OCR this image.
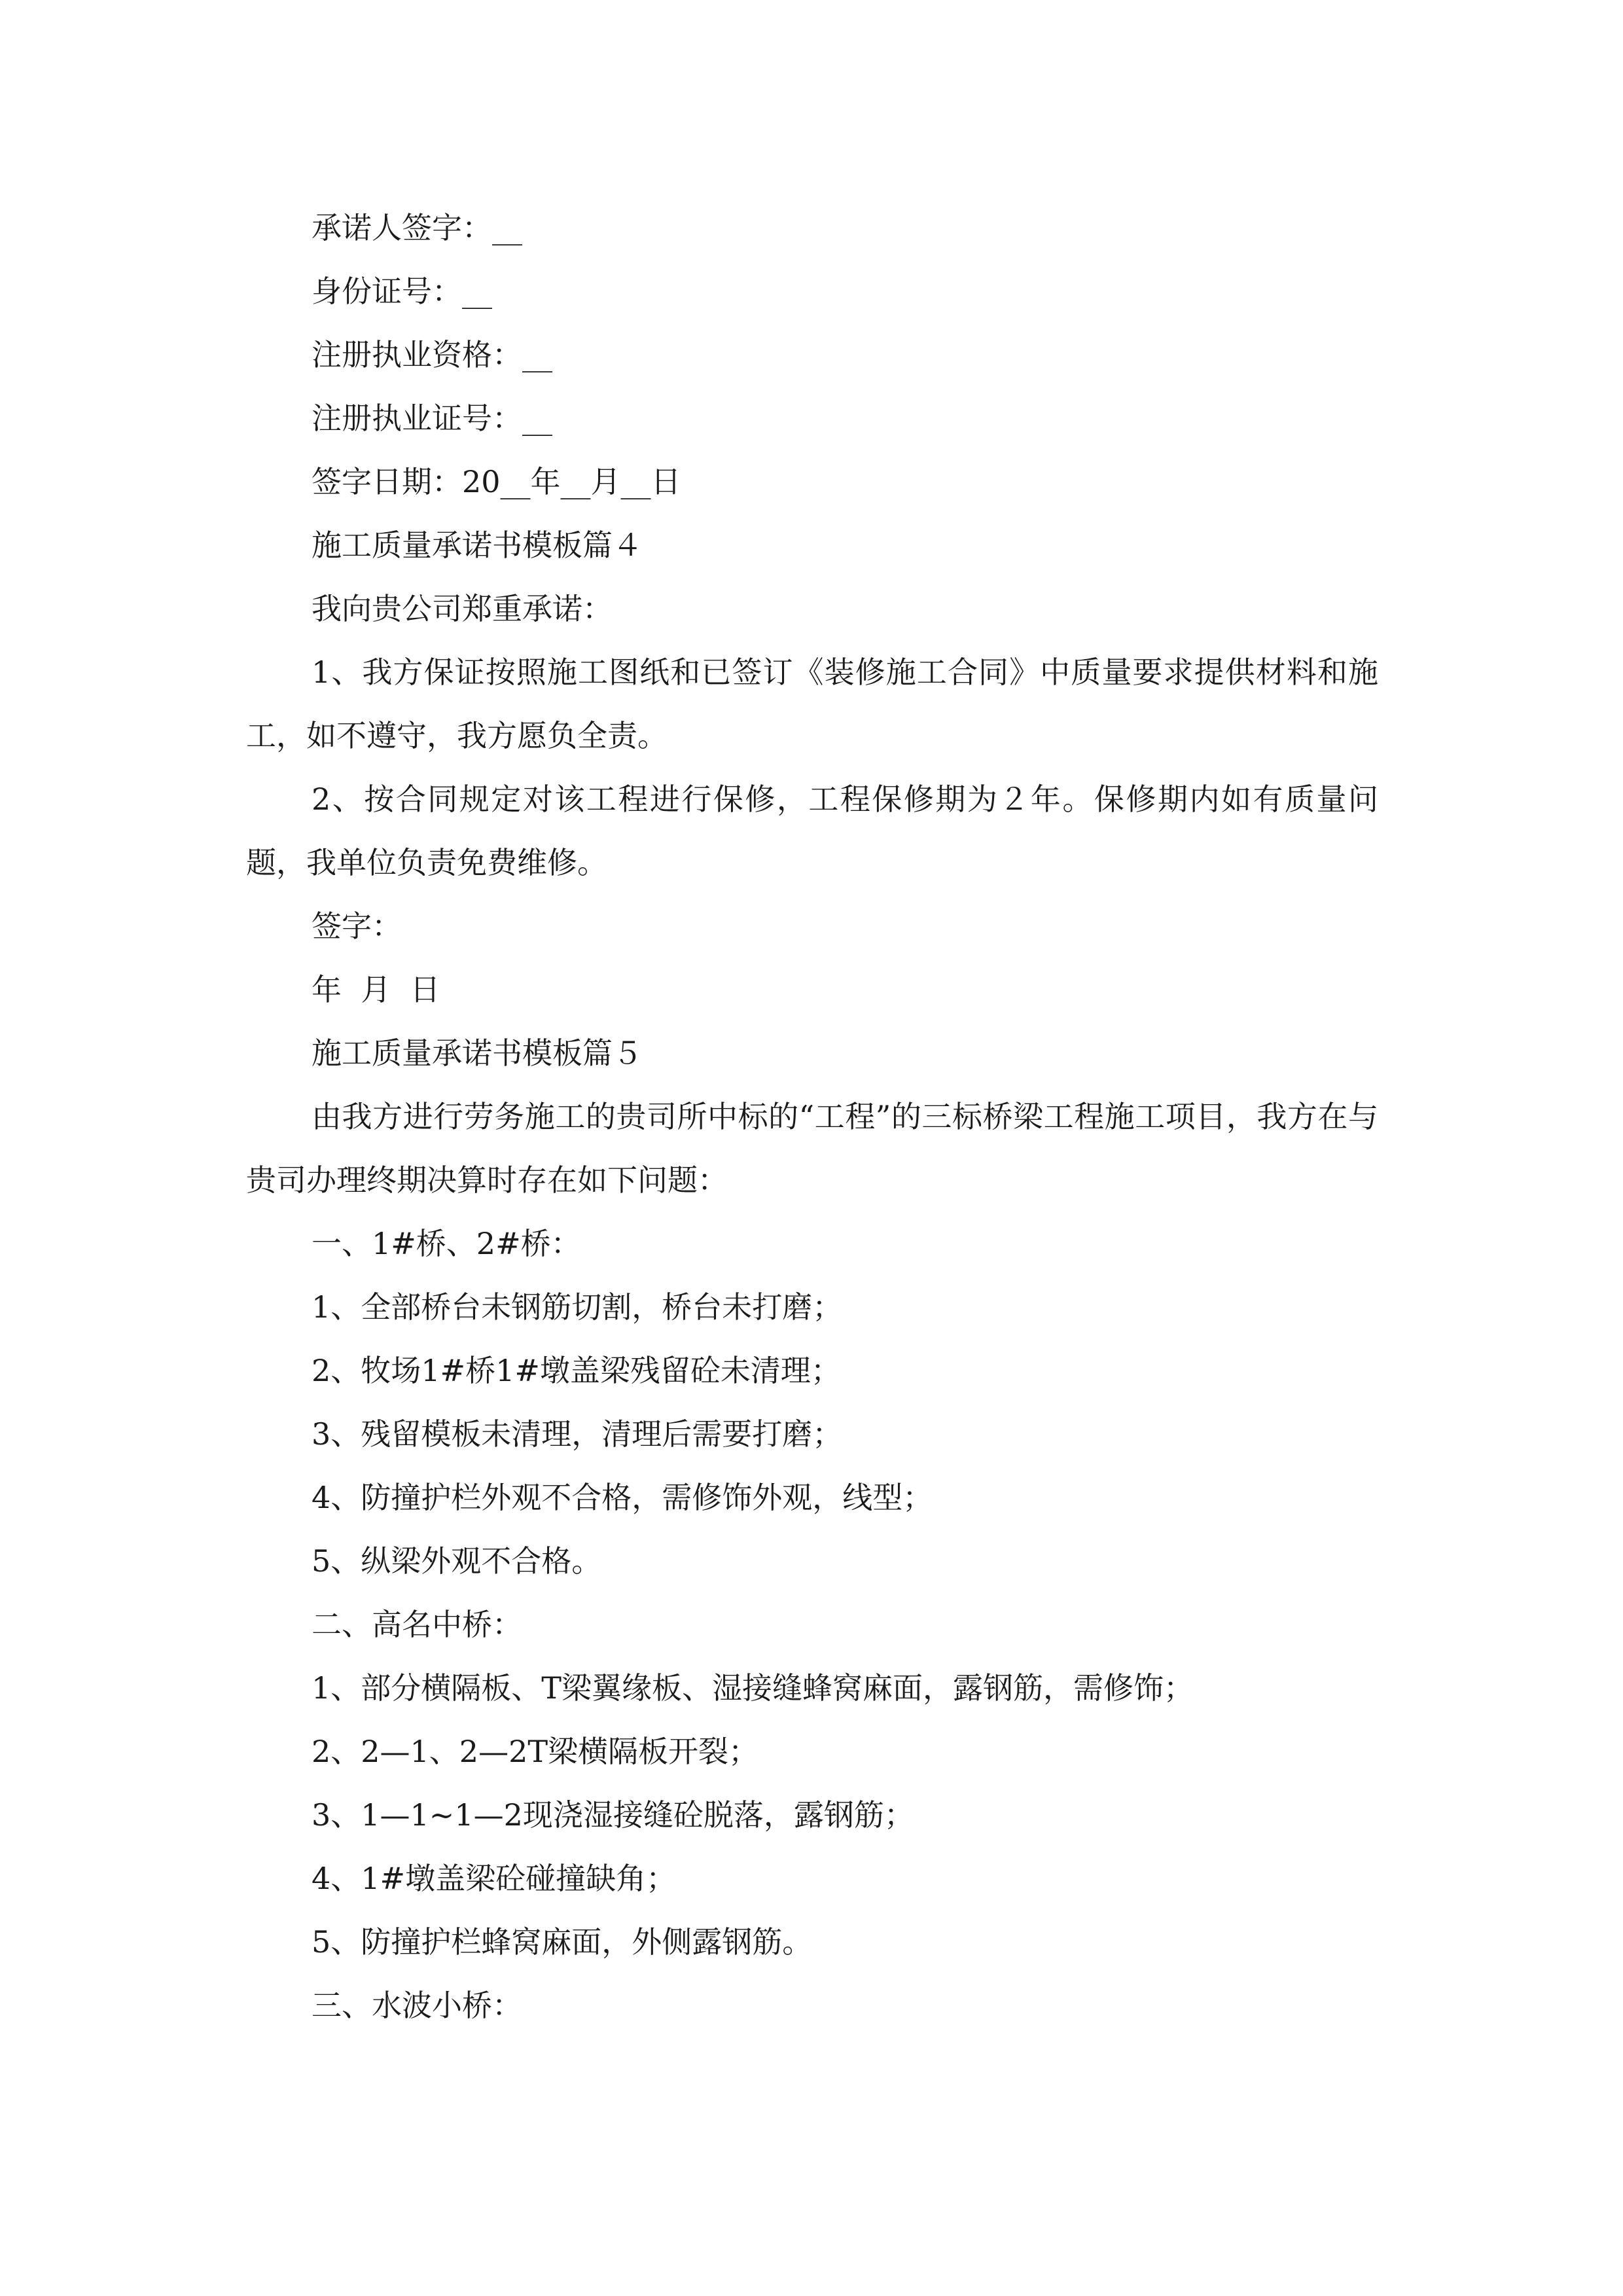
承诺人签字：__

身份证号：__

注册执业资格：__

注册执业证号：__

签字日期：20__年__月__日

施工质量承诺书模板篇４

我向贵公司郑重承诺：

1、我方保证按照施工图纸和已签订《装修施工合同》中质量要求提供材料和施工，如不遵守，我方愿负全责。

2、按合同规定对该工程进行保修，工程保修期为２年。保修期内如有质量问题，我单位负责免费维修。

签字：

年  月  日

施工质量承诺书模板篇５

由我方进行劳务施工的贵司所中标的“工程”的三标桥梁工程施工项目，我方在与贵司办理终期决算时存在如下问题：

一、1#桥、2#桥：

1、全部桥台未钢筋切割，桥台未打磨；

2、牧场1#桥1#墩盖梁残留砼未清理；

3、残留模板未清理，清理后需要打磨；

4、防撞护栏外观不合格，需修饰外观，线型；

5、纵梁外观不合格。

二、高名中桥：

1、部分横隔板、T梁翼缘板、湿接缝蜂窝麻面，露钢筋，需修饰；

2、2—1、2—2T梁横隔板开裂；

3、1—1~1—2现浇湿接缝砼脱落，露钢筋；

4、1#墩盖梁砼碰撞缺角；

5、防撞护栏蜂窝麻面，外侧露钢筋。

三、水波小桥：
